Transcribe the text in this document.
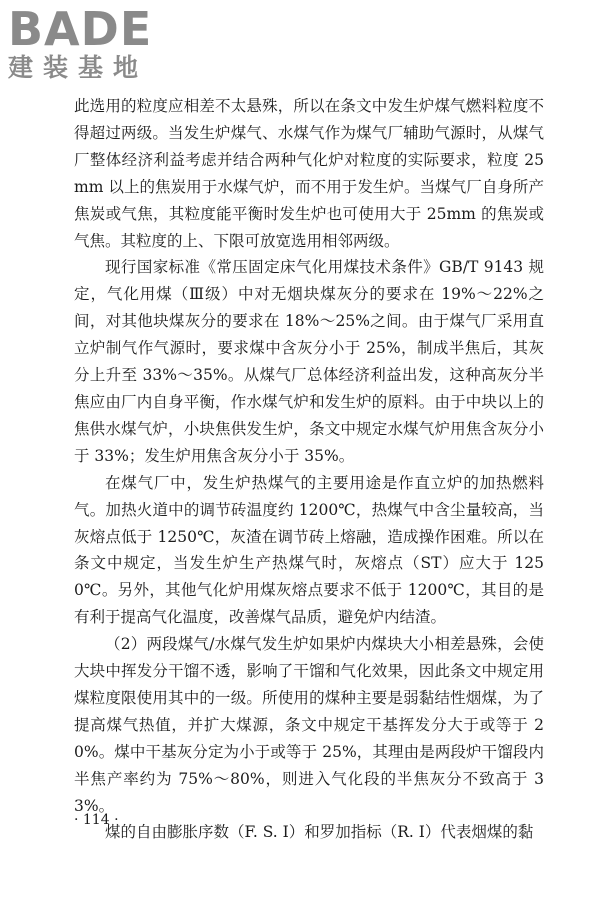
BADE
建装基地

此选用的粒度应相差不太悬殊，所以在条文中发生炉煤气燃料粒度不得超过两级。当发生炉煤气、水煤气作为煤气厂辅助气源时，从煤气厂整体经济利益考虑并结合两种气化炉对粒度的实际要求，粒度 25mm 以上的焦炭用于水煤气炉，而不用于发生炉。当煤气厂自身所产焦炭或气焦，其粒度能平衡时发生炉也可使用大于 25mm 的焦炭或气焦。其粒度的上、下限可放宽选用相邻两级。

现行国家标准《常压固定床气化用煤技术条件》GB/T 9143 规定，气化用煤（Ⅲ级）中对无烟块煤灰分的要求在 19%～22%之间，对其他块煤灰分的要求在 18%～25%之间。由于煤气厂采用直立炉制气作气源时，要求煤中含灰分小于 25%，制成半焦后，其灰分上升至 33%～35%。从煤气厂总体经济利益出发，这种高灰分半焦应由厂内自身平衡，作水煤气炉和发生炉的原料。由于中块以上的焦供水煤气炉，小块焦供发生炉，条文中规定水煤气炉用焦含灰分小于 33%；发生炉用焦含灰分小于 35%。

在煤气厂中，发生炉热煤气的主要用途是作直立炉的加热燃料气。加热火道中的调节砖温度约 1200℃，热煤气中含尘量较高，当灰熔点低于 1250℃，灰渣在调节砖上熔融，造成操作困难。所以在条文中规定，当发生炉生产热煤气时，灰熔点（ST）应大于 1250℃。另外，其他气化炉用煤灰熔点要求不低于 1200℃，其目的是有利于提高气化温度，改善煤气品质，避免炉内结渣。

（2）两段煤气/水煤气发生炉如果炉内煤块大小相差悬殊，会使大块中挥发分干馏不透，影响了干馏和气化效果，因此条文中规定用煤粒度限使用其中的一级。所使用的煤种主要是弱黏结性烟煤，为了提高煤气热值，并扩大煤源，条文中规定干基挥发分大于或等于 20%。煤中干基灰分定为小于或等于 25%，其理由是两段炉干馏段内半焦产率约为 75%～80%，则进入气化段的半焦灰分不致高于 33%。

煤的自由膨胀序数（F. S. I）和罗加指标（R. I）代表烟煤的黏

· 114 ·
